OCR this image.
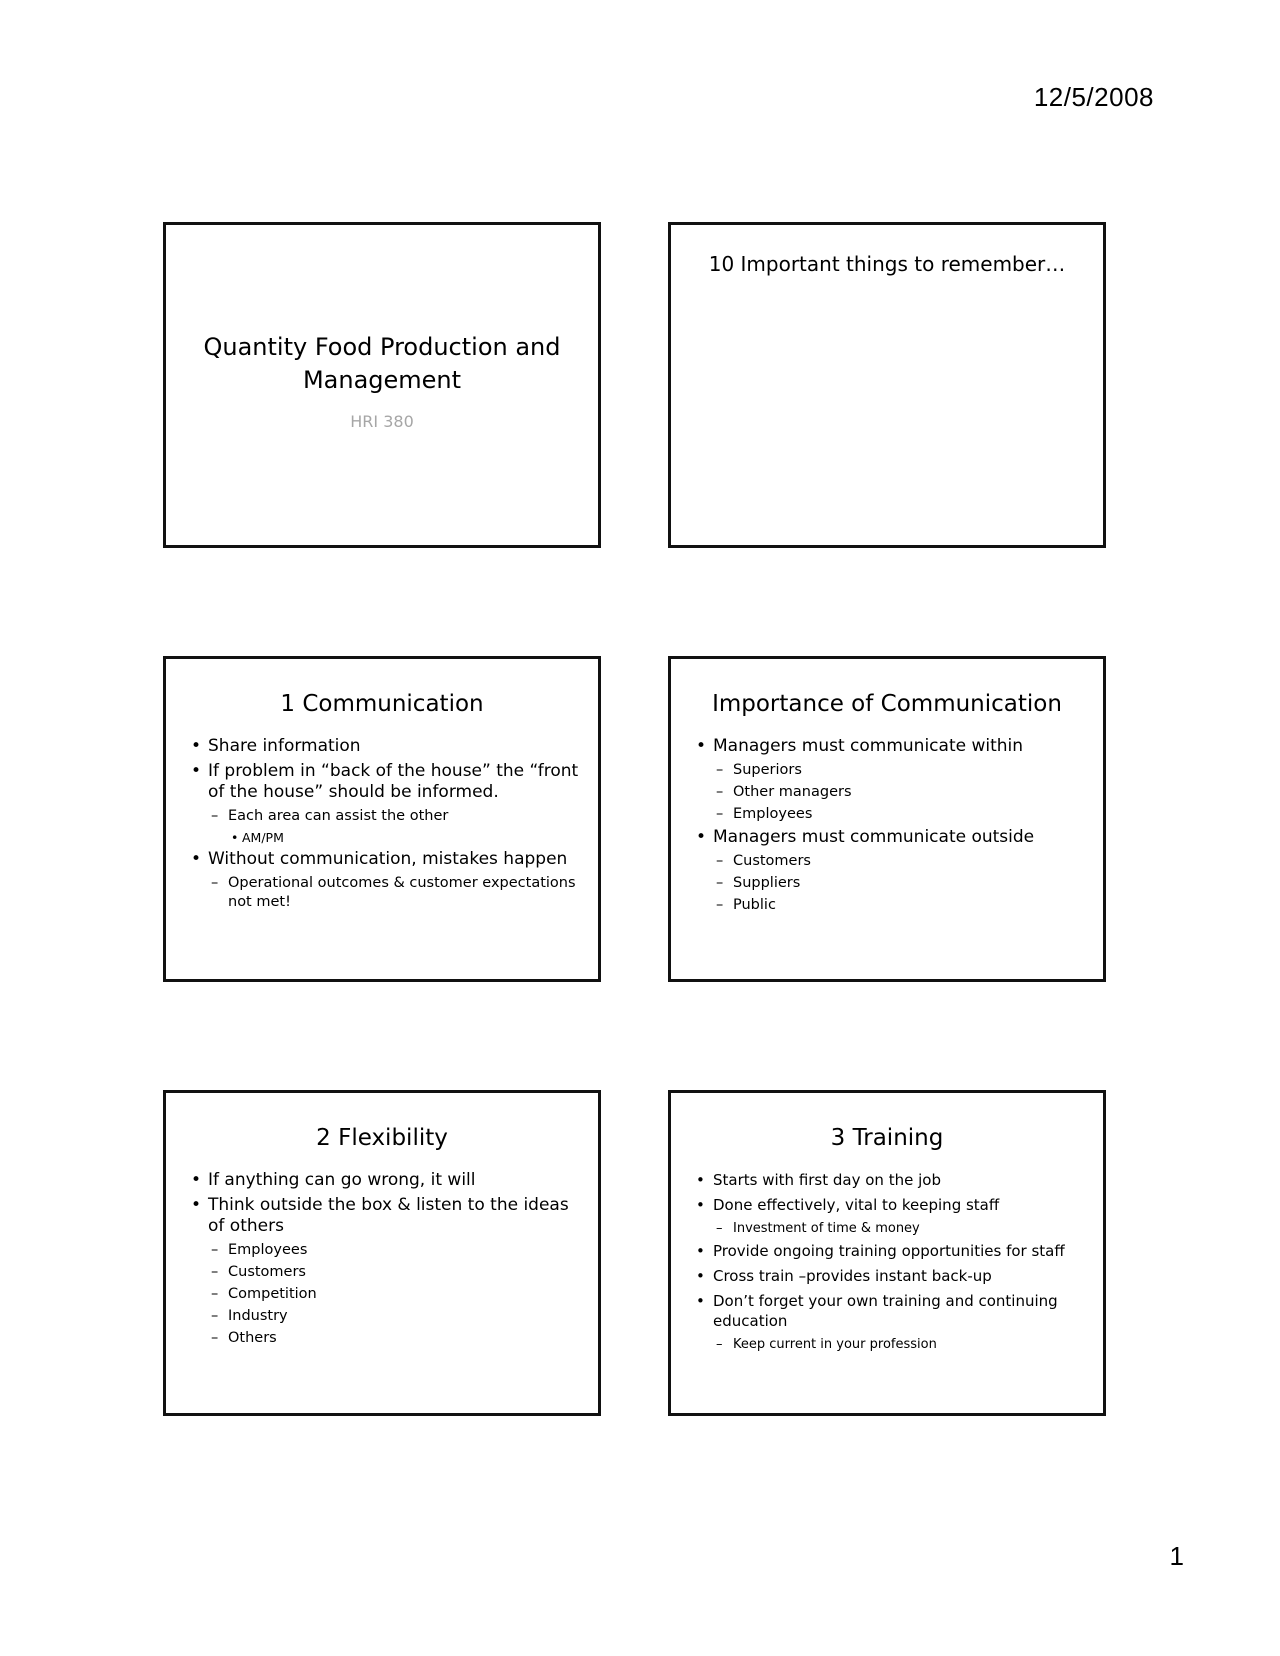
12/5/2008
Quantity Food Production and Management
HRI 380
10 Important things to remember…
1 Communication
• Share information
• If problem in “back of the house” the “front of the house” should be informed.
– Each area can assist the other
• AM/PM
• Without communication, mistakes happen
– Operational outcomes & customer expectations not met!
Importance of Communication
• Managers must communicate within
– Superiors
– Other managers
– Employees
• Managers must communicate outside
– Customers
– Suppliers
– Public
2 Flexibility
• If anything can go wrong, it will
• Think outside the box & listen to the ideas of others
– Employees
– Customers
– Competition
– Industry
– Others
3 Training
• Starts with first day on the job
• Done effectively, vital to keeping staff
– Investment of time & money
• Provide ongoing training opportunities for staff
• Cross train –provides instant back-up
• Don’t forget your own training and continuing education
– Keep current in your profession
1
